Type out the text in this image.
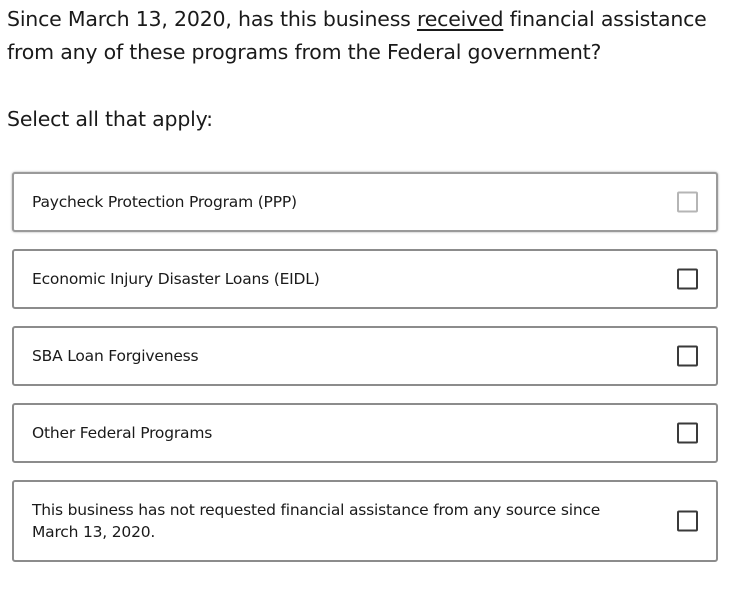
Since March 13, 2020, has this business received financial assistance from any of these programs from the Federal government?
Select all that apply:
Paycheck Protection Program (PPP)
Economic Injury Disaster Loans (EIDL)
SBA Loan Forgiveness
Other Federal Programs
This business has not requested financial assistance from any source since March 13, 2020.
